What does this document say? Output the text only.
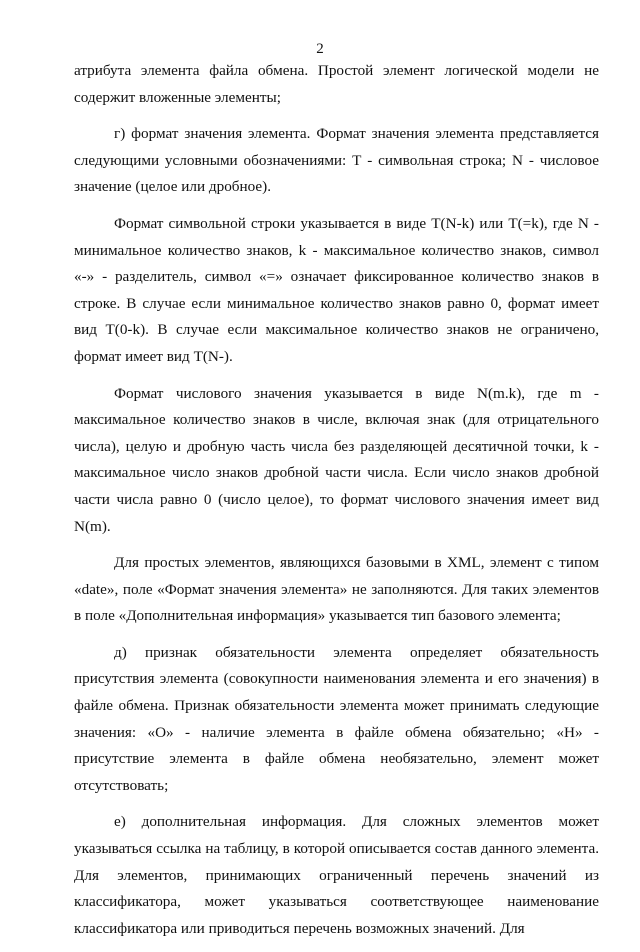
2

атрибута элемента файла обмена. Простой элемент логической модели не содержит вложенные элементы;

г) формат значения элемента. Формат значения элемента представляется следующими условными обозначениями: Т - символьная строка; N - числовое значение (целое или дробное).

Формат символьной строки указывается в виде T(N-k) или T(=k), где N - минимальное количество знаков, k - максимальное количество знаков, символ «-» - разделитель, символ «=» означает фиксированное количество знаков в строке. В случае если минимальное количество знаков равно 0, формат имеет вид T(0-k). В случае если максимальное количество знаков не ограничено, формат имеет вид T(N-).

Формат числового значения указывается в виде N(m.k), где m - максимальное количество знаков в числе, включая знак (для отрицательного числа), целую и дробную часть числа без разделяющей десятичной точки, k - максимальное число знаков дробной части числа. Если число знаков дробной части числа равно 0 (число целое), то формат числового значения имеет вид N(m).

Для простых элементов, являющихся базовыми в XML, элемент с типом «date», поле «Формат значения элемента» не заполняются. Для таких элементов в поле «Дополнительная информация» указывается тип базового элемента;

д) признак обязательности элемента определяет обязательность присутствия элемента (совокупности наименования элемента и его значения) в файле обмена. Признак обязательности элемента может принимать следующие значения: «О» - наличие элемента в файле обмена обязательно; «Н» - присутствие элемента в файле обмена необязательно, элемент может отсутствовать;

е) дополнительная информация. Для сложных элементов может указываться ссылка на таблицу, в которой описывается состав данного элемента. Для элементов, принимающих ограниченный перечень значений из классификатора, может указываться соответствующее наименование классификатора или приводиться перечень возможных значений. Для
